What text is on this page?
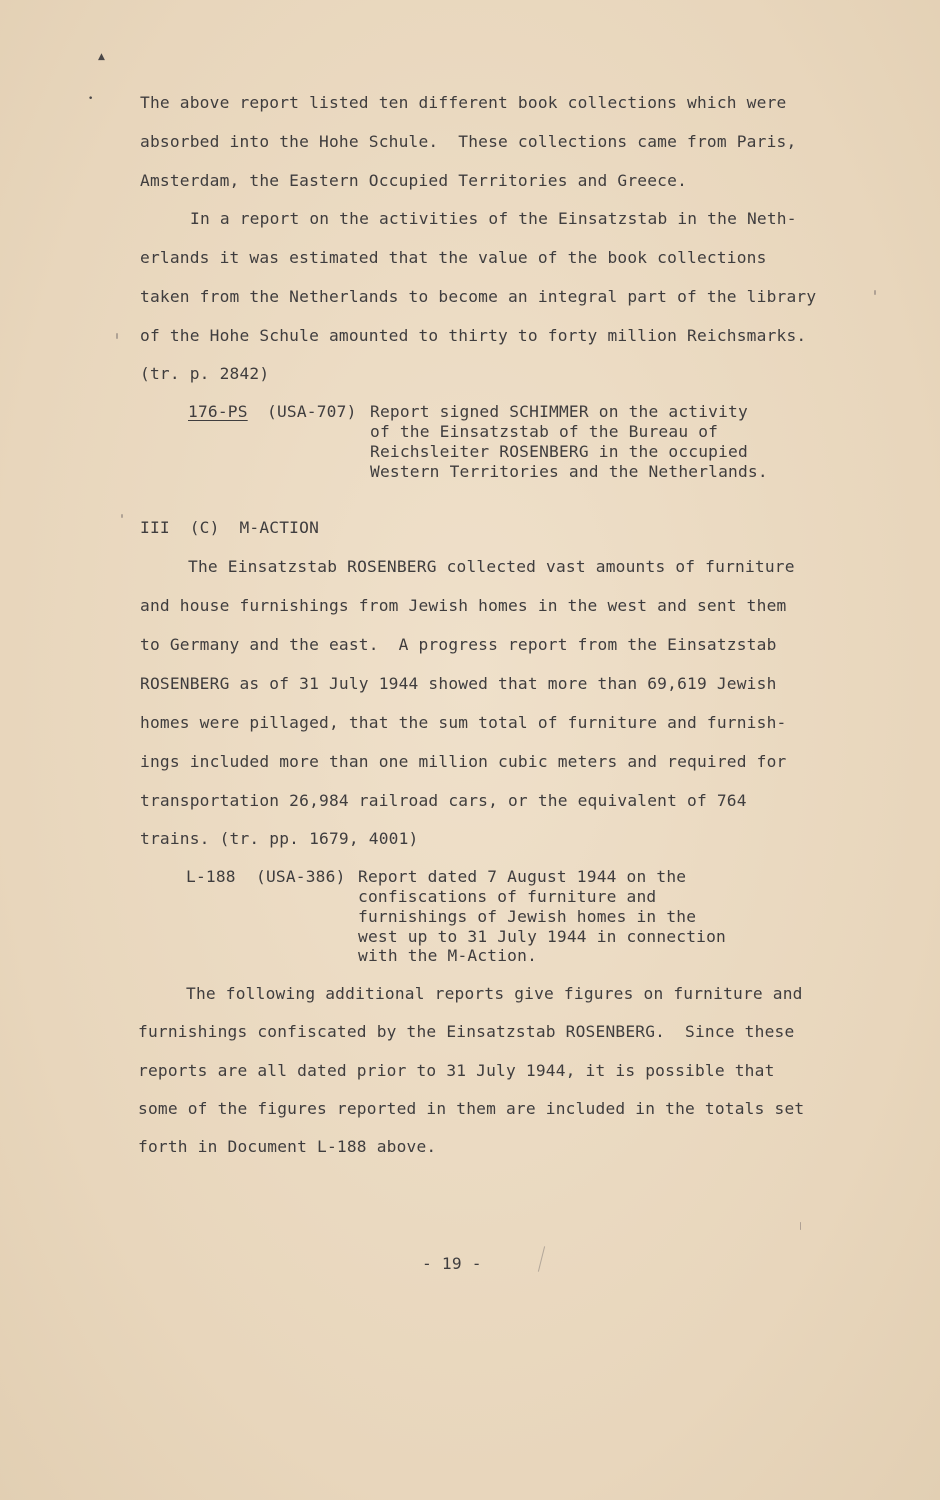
▲
•	The above report listed ten different book collections which were

absorbed into the Hohe Schule.  These collections came from Paris,

Amsterdam, the Eastern Occupied Territories and Greece.

In a report on the activities of the Einsatzstab in the Neth-

erlands it was estimated that the value of the book collections

taken from the Netherlands to become an integral part of the library

of the Hohe Schule amounted to thirty to forty million Reichsmarks.

(tr. p. 2842)

176-PS (USA-707) Report signed SCHIMMER on the activity

of the Einsatzstab of the Bureau of

Reichsleiter ROSENBERG in the occupied

Western Territories and the Netherlands.

III  (C)  M-ACTION

The Einsatzstab ROSENBERG collected vast amounts of furniture

and house furnishings from Jewish homes in the west and sent them

to Germany and the east.  A progress report from the Einsatzstab

ROSENBERG as of 31 July 1944 showed that more than 69,619 Jewish

homes were pillaged, that the sum total of furniture and furnish-

ings included more than one million cubic meters and required for

transportation 26,984 railroad cars, or the equivalent of 764

trains. (tr. pp. 1679, 4001)

L-188 (USA-386) Report dated 7 August 1944 on the

confiscations of furniture and

furnishings of Jewish homes in the

west up to 31 July 1944 in connection

with the M-Action.

The following additional reports give figures on furniture and

furnishings confiscated by the Einsatzstab ROSENBERG.  Since these

reports are all dated prior to 31 July 1944, it is possible that

some of the figures reported in them are included in the totals set

forth in Document L-188 above.

- 19 -
